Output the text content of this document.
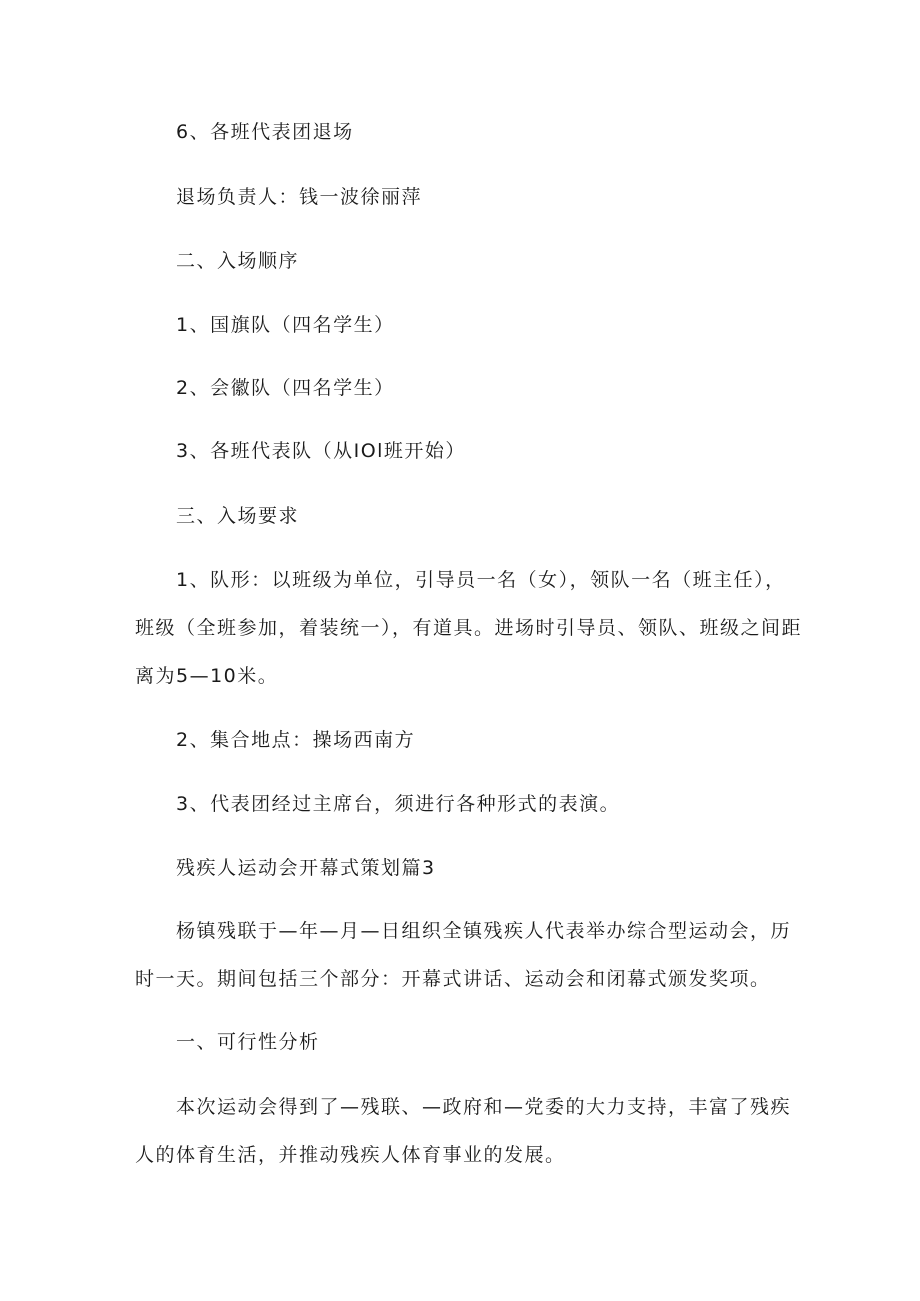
6、各班代表团退场
退场负责人：钱一波徐丽萍
二、入场顺序
1、国旗队（四名学生）
2、会徽队（四名学生）
3、各班代表队（从IOl班开始）
三、入场要求
1、队形：以班级为单位，引导员一名（女），领队一名（班主任），
班级（全班参加，着装统一），有道具。进场时引导员、领队、班级之间距
离为5—10米。
2、集合地点：操场西南方
3、代表团经过主席台，须进行各种形式的表演。
残疾人运动会开幕式策划篇3
杨镇残联于—年—月—日组织全镇残疾人代表举办综合型运动会，历
时一天。期间包括三个部分：开幕式讲话、运动会和闭幕式颁发奖项。
一、可行性分析
本次运动会得到了—残联、—政府和—党委的大力支持，丰富了残疾
人的体育生活，并推动残疾人体育事业的发展。
